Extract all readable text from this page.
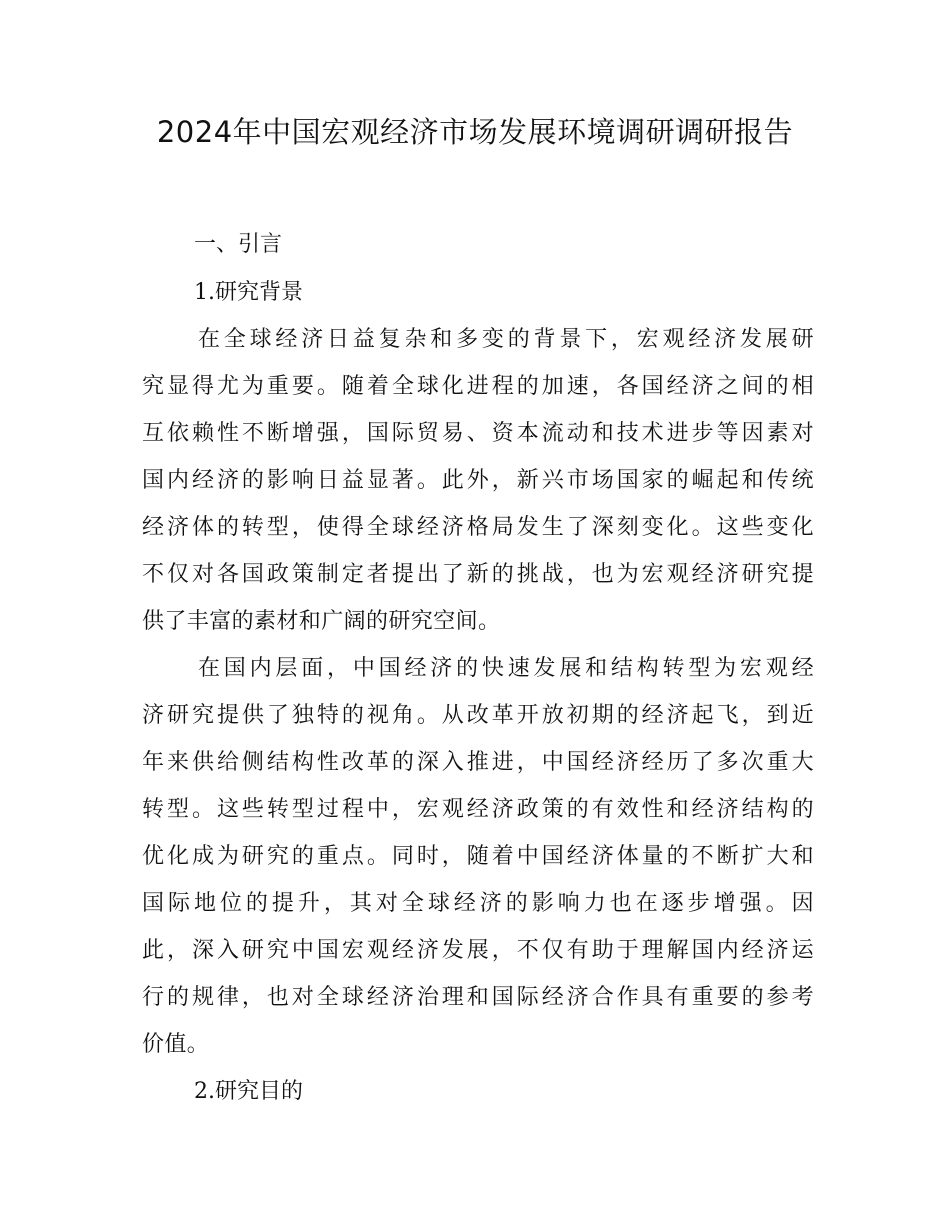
2024年中国宏观经济市场发展环境调研调研报告
一、引言
1.研究背景
在全球经济日益复杂和多变的背景下，宏观经济发展研
究显得尤为重要。随着全球化进程的加速，各国经济之间的相
互依赖性不断增强，国际贸易、资本流动和技术进步等因素对
国内经济的影响日益显著。此外，新兴市场国家的崛起和传统
经济体的转型，使得全球经济格局发生了深刻变化。这些变化
不仅对各国政策制定者提出了新的挑战，也为宏观经济研究提
供了丰富的素材和广阔的研究空间。
在国内层面，中国经济的快速发展和结构转型为宏观经
济研究提供了独特的视角。从改革开放初期的经济起飞，到近
年来供给侧结构性改革的深入推进，中国经济经历了多次重大
转型。这些转型过程中，宏观经济政策的有效性和经济结构的
优化成为研究的重点。同时，随着中国经济体量的不断扩大和
国际地位的提升，其对全球经济的影响力也在逐步增强。因
此，深入研究中国宏观经济发展，不仅有助于理解国内经济运
行的规律，也对全球经济治理和国际经济合作具有重要的参考
价值。
2.研究目的
